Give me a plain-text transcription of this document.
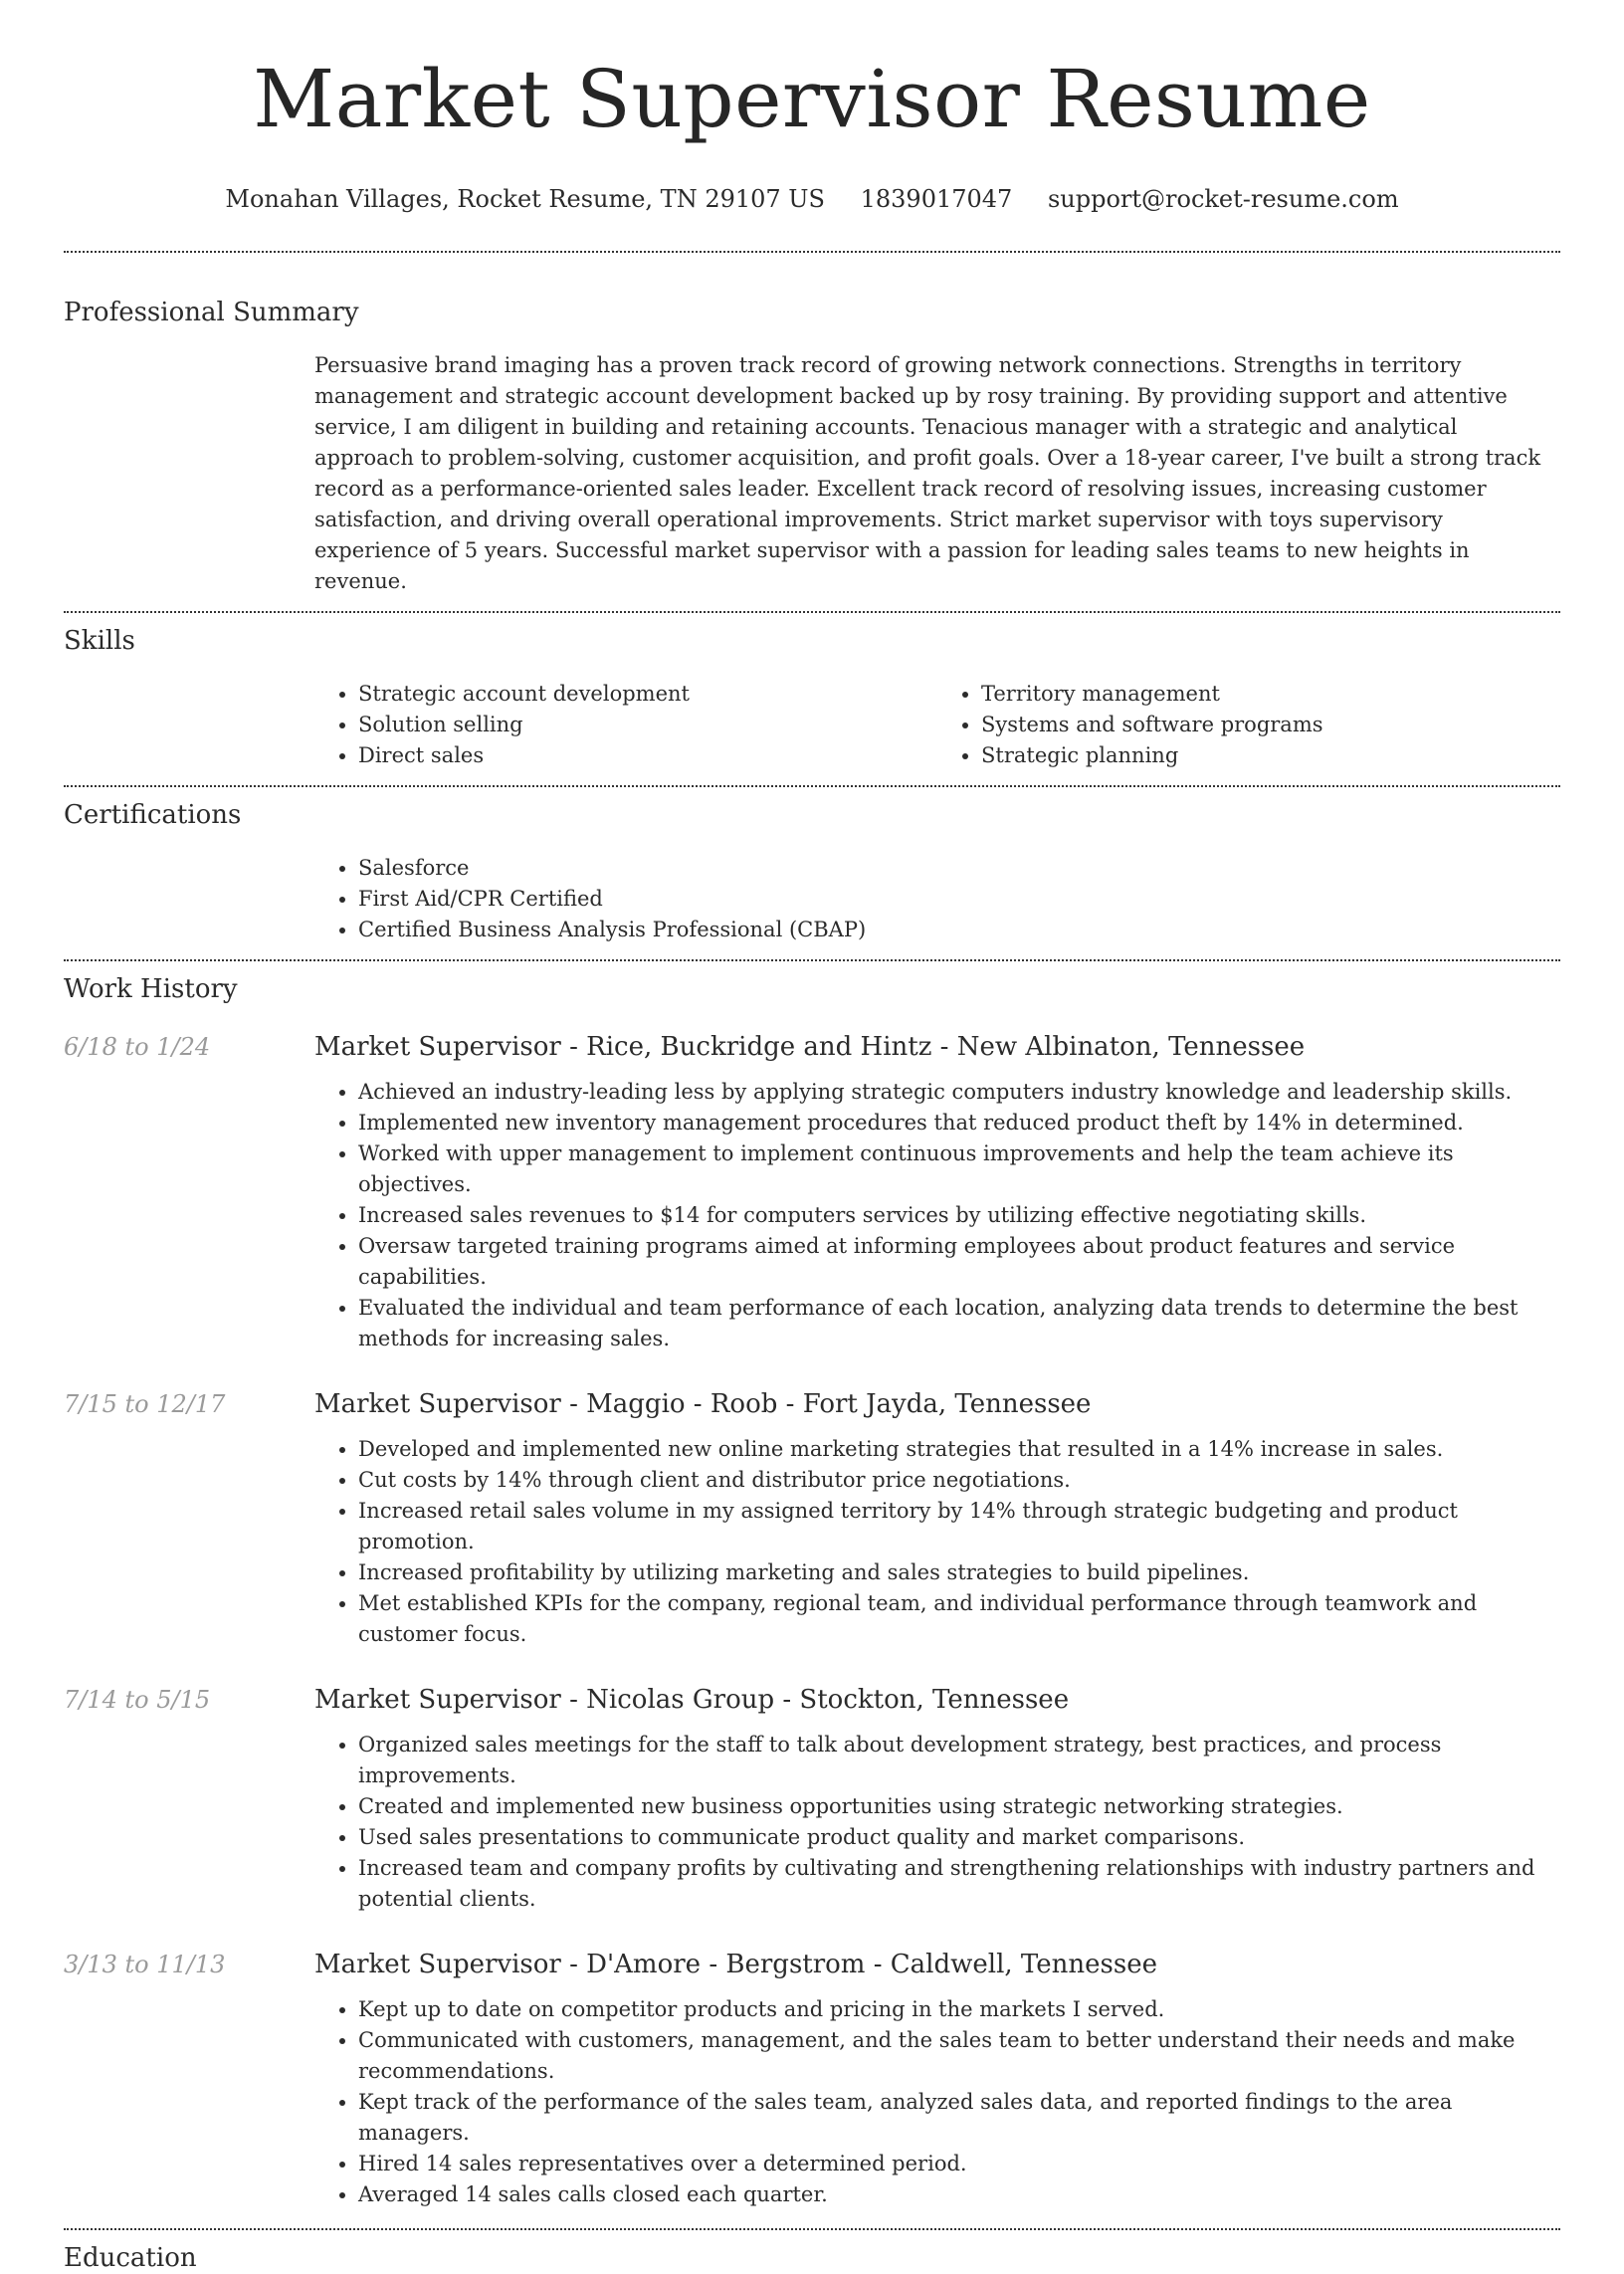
Market Supervisor Resume
Monahan Villages, Rocket Resume, TN 29107 US 1839017047 support@rocket-resume.com
Professional Summary

Persuasive brand imaging has a proven track record of growing network connections. Strengths in territory management and strategic account development backed up by rosy training. By providing support and attentive service, I am diligent in building and retaining accounts. Tenacious manager with a strategic and analytical approach to problem-solving, customer acquisition, and profit goals. Over a 18-year career, I've built a strong track record as a performance-oriented sales leader. Excellent track record of resolving issues, increasing customer satisfaction, and driving overall operational improvements. Strict market supervisor with toys supervisory experience of 5 years. Successful market supervisor with a passion for leading sales teams to new heights in revenue.

Skills
• Strategic account development
• Solution selling
• Direct sales
• Territory management
• Systems and software programs
• Strategic planning
Certifications
• Salesforce
• First Aid/CPR Certified
• Certified Business Analysis Professional (CBAP)
Work History
6/18 to 1/24	Market Supervisor - Rice, Buckridge and Hintz - New Albinaton, Tennessee
• Achieved an industry-leading less by applying strategic computers industry knowledge and leadership skills.
• Implemented new inventory management procedures that reduced product theft by 14% in determined.
• Worked with upper management to implement continuous improvements and help the team achieve its objectives.
• Increased sales revenues to $14 for computers services by utilizing effective negotiating skills.
• Oversaw targeted training programs aimed at informing employees about product features and service capabilities.
• Evaluated the individual and team performance of each location, analyzing data trends to determine the best methods for increasing sales.
7/15 to 12/17	Market Supervisor - Maggio - Roob - Fort Jayda, Tennessee
• Developed and implemented new online marketing strategies that resulted in a 14% increase in sales.
• Cut costs by 14% through client and distributor price negotiations.
• Increased retail sales volume in my assigned territory by 14% through strategic budgeting and product promotion.
• Increased profitability by utilizing marketing and sales strategies to build pipelines.
• Met established KPIs for the company, regional team, and individual performance through teamwork and customer focus.
7/14 to 5/15	Market Supervisor - Nicolas Group - Stockton, Tennessee
• Organized sales meetings for the staff to talk about development strategy, best practices, and process improvements.
• Created and implemented new business opportunities using strategic networking strategies.
• Used sales presentations to communicate product quality and market comparisons.
• Increased team and company profits by cultivating and strengthening relationships with industry partners and potential clients.
3/13 to 11/13	Market Supervisor - D'Amore - Bergstrom - Caldwell, Tennessee
• Kept up to date on competitor products and pricing in the markets I served.
• Communicated with customers, management, and the sales team to better understand their needs and make recommendations.
• Kept track of the performance of the sales team, analyzed sales data, and reported findings to the area managers.
• Hired 14 sales representatives over a determined period.
• Averaged 14 sales calls closed each quarter.
Education
